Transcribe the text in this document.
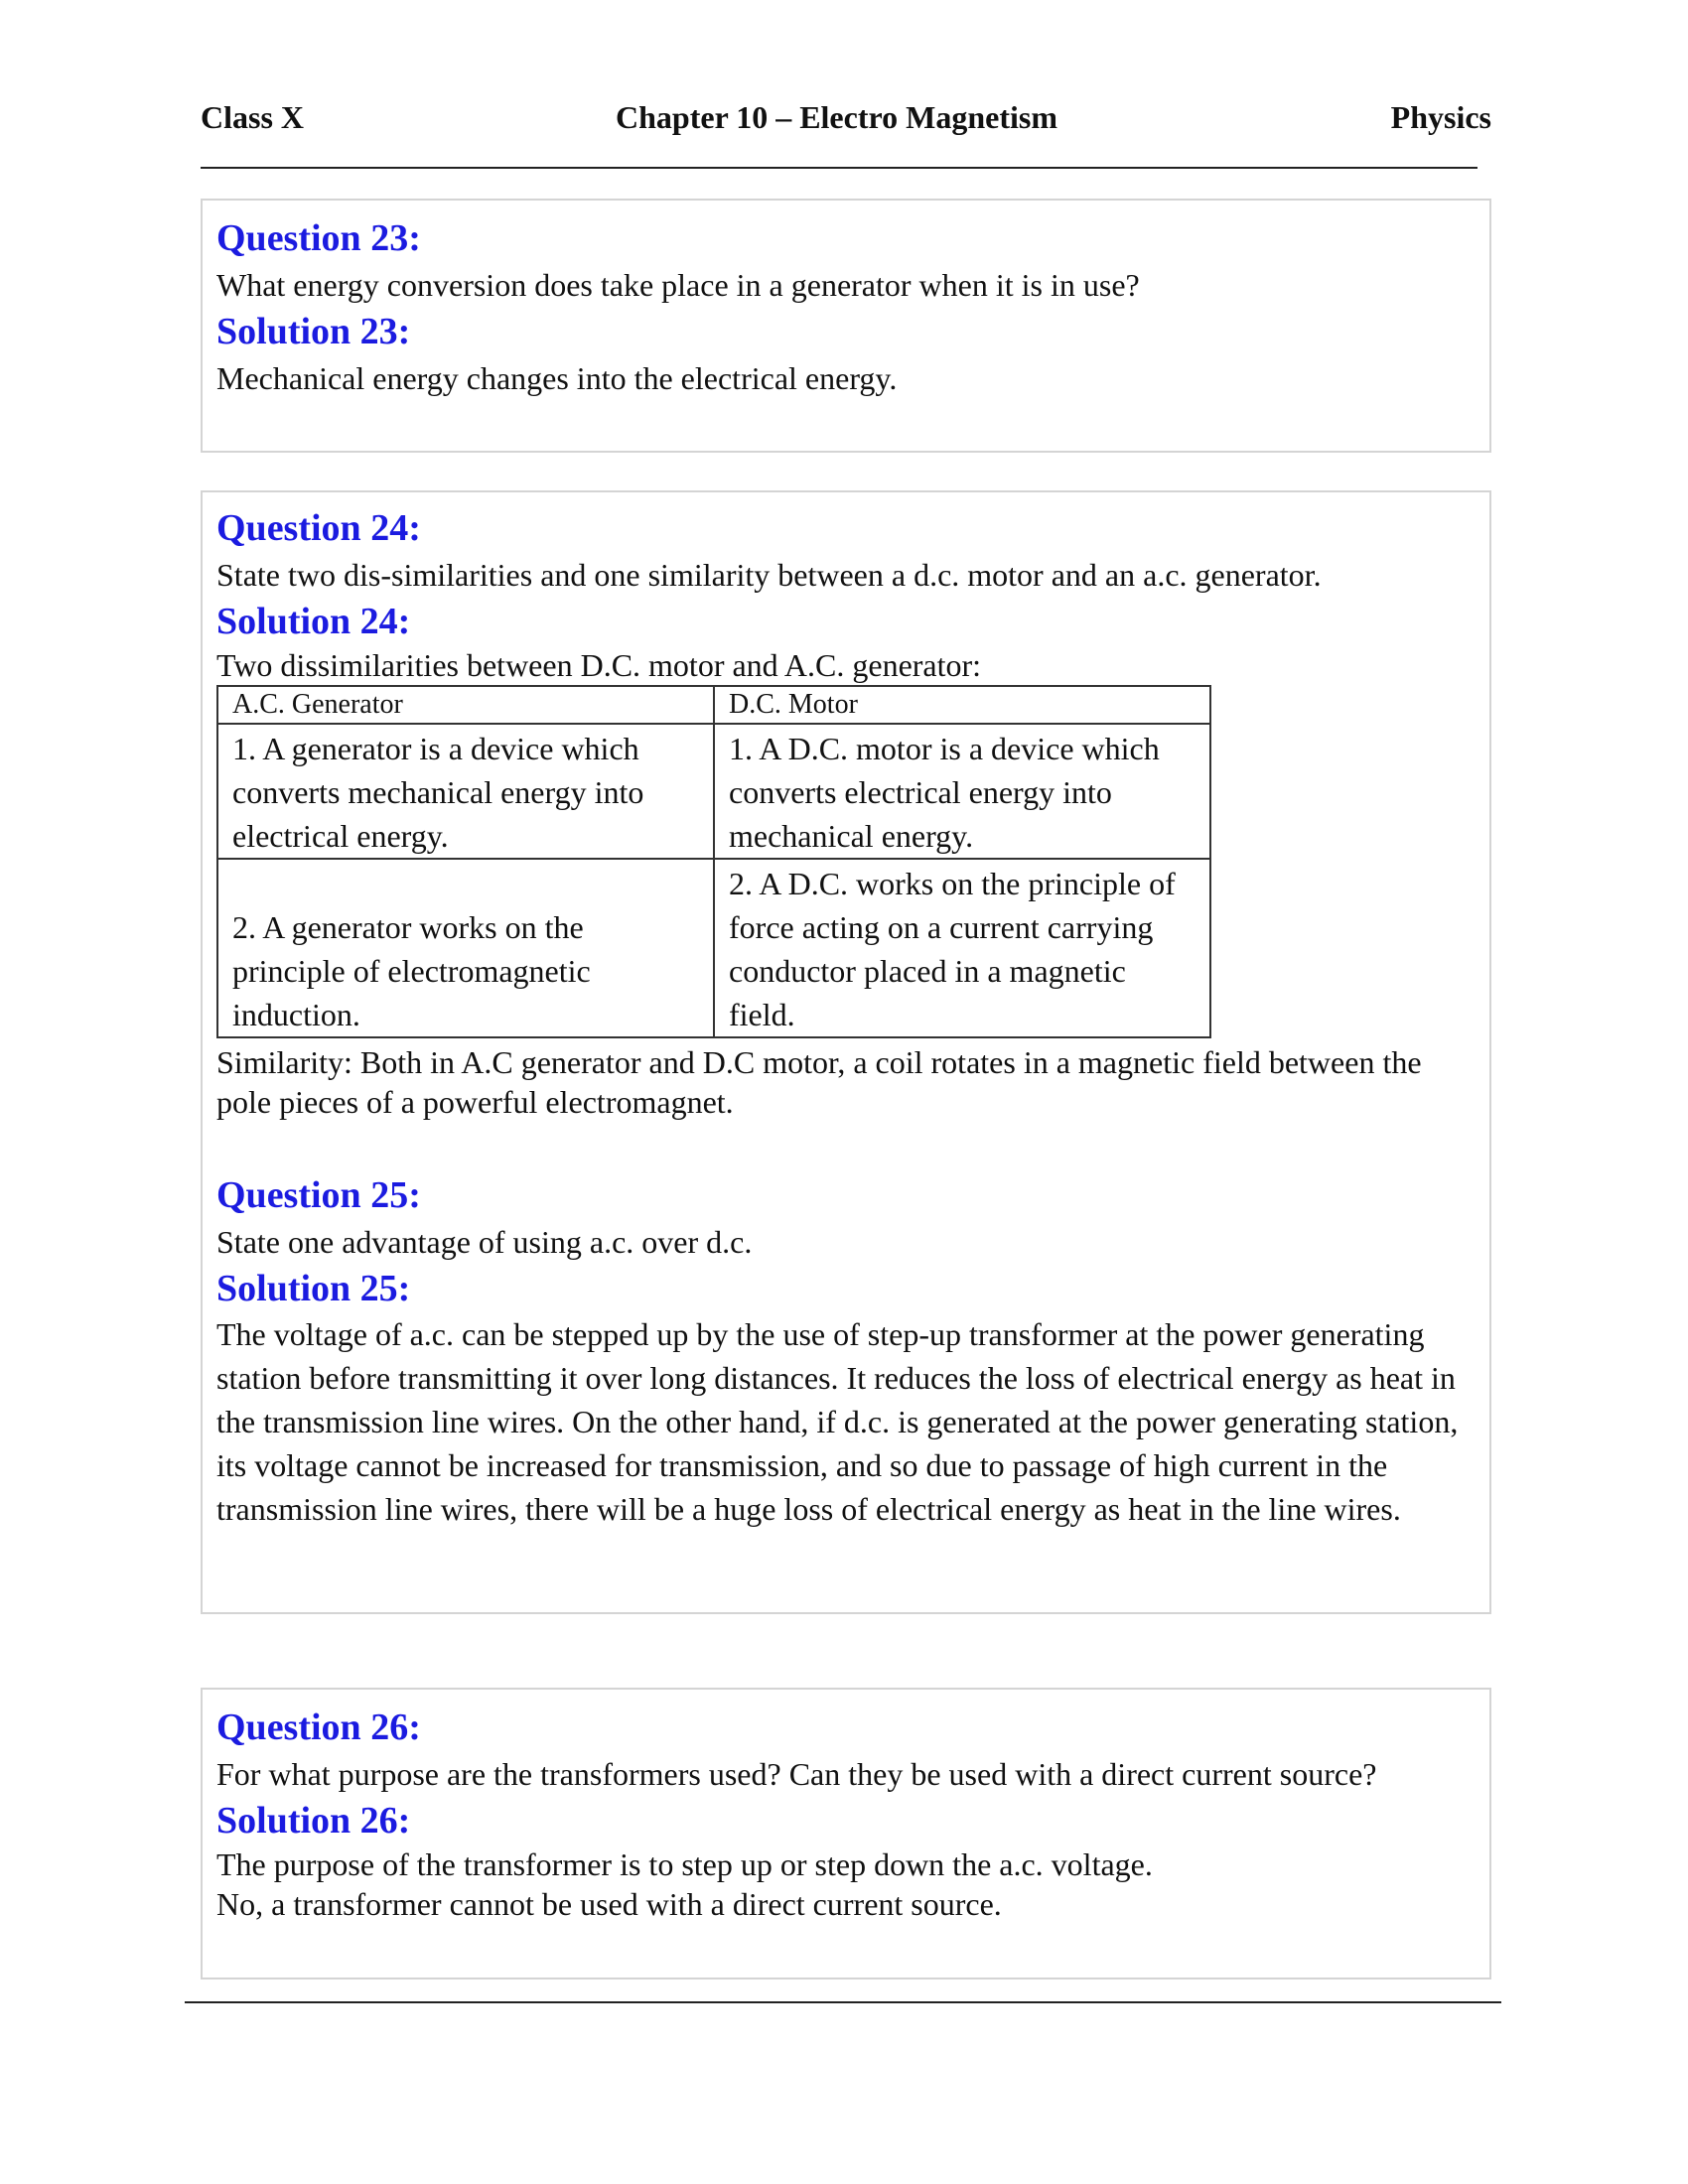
Class X	Chapter 10 – Electro Magnetism	Physics
Question 23:
What energy conversion does take place in a generator when it is in use?
Solution 23:
Mechanical energy changes into the electrical energy.
Question 24:
State two dis-similarities and one similarity between a d.c. motor and an a.c. generator.
Solution 24:
Two dissimilarities between D.C. motor and A.C. generator:
A.C. Generator	D.C. Motor
1. A generator is a device which converts mechanical energy into electrical energy.	1. A D.C. motor is a device which converts electrical energy into mechanical energy.
2. A generator works on the principle of electromagnetic induction.	2. A D.C. works on the principle of force acting on a current carrying conductor placed in a magnetic field.
Similarity: Both in A.C generator and D.C motor, a coil rotates in a magnetic field between the pole pieces of a powerful electromagnet.
Question 25:
State one advantage of using a.c. over d.c.
Solution 25:
The voltage of a.c. can be stepped up by the use of step-up transformer at the power generating station before transmitting it over long distances. It reduces the loss of electrical energy as heat in the transmission line wires. On the other hand, if d.c. is generated at the power generating station, its voltage cannot be increased for transmission, and so due to passage of high current in the transmission line wires, there will be a huge loss of electrical energy as heat in the line wires.
Question 26:
For what purpose are the transformers used? Can they be used with a direct current source?
Solution 26:
The purpose of the transformer is to step up or step down the a.c. voltage.
No, a transformer cannot be used with a direct current source.
